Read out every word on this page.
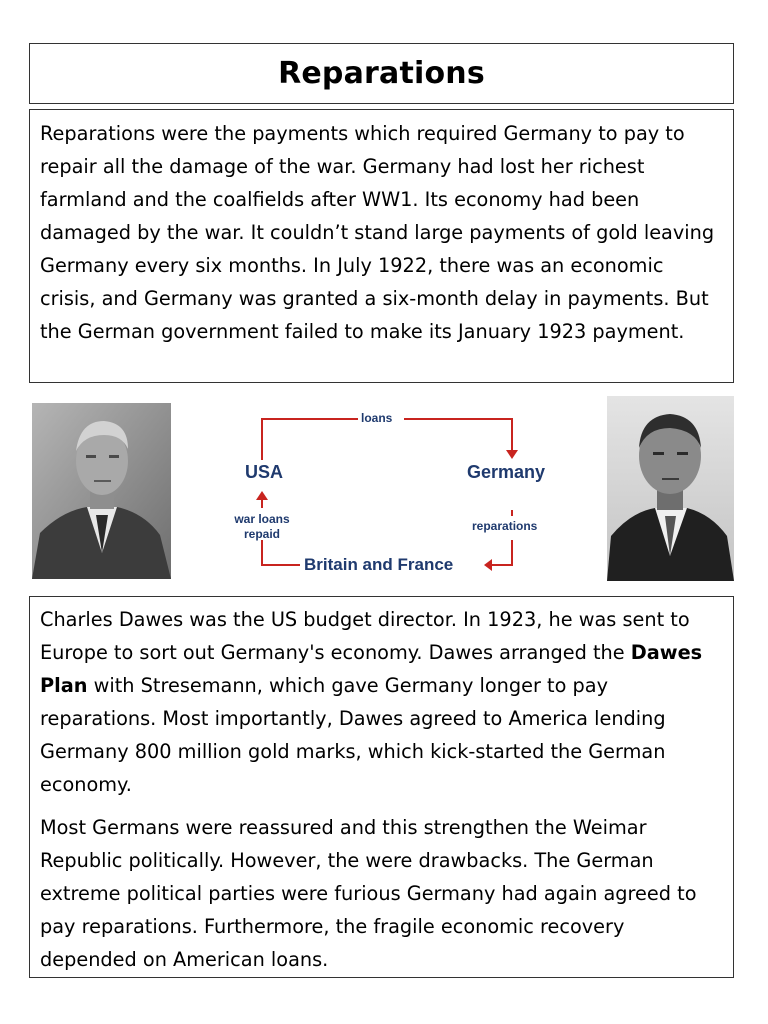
Reparations

Reparations were the payments which required Germany to pay to repair all the damage of the war. Germany had lost her richest farmland and the coalfields after WW1. Its economy had been damaged by the war. It couldn’t stand large payments of gold leaving Germany every six months. In July 1922, there was an economic crisis, and Germany was granted a six-month delay in payments. But the German government failed to make its January 1923 payment.

USA	Germany
loans
reparations
war loans
repaid
Britain and France

Charles Dawes was the US budget director. In 1923, he was sent to Europe to sort out Germany's economy. Dawes arranged the Dawes Plan with Stresemann, which gave Germany longer to pay reparations. Most importantly, Dawes agreed to America lending Germany 800 million gold marks, which kick-started the German economy.

Most Germans were reassured and this strengthen the Weimar Republic politically. However, the were drawbacks. The German extreme political parties were furious Germany had again agreed to pay reparations. Furthermore, the fragile economic recovery depended on American loans.
